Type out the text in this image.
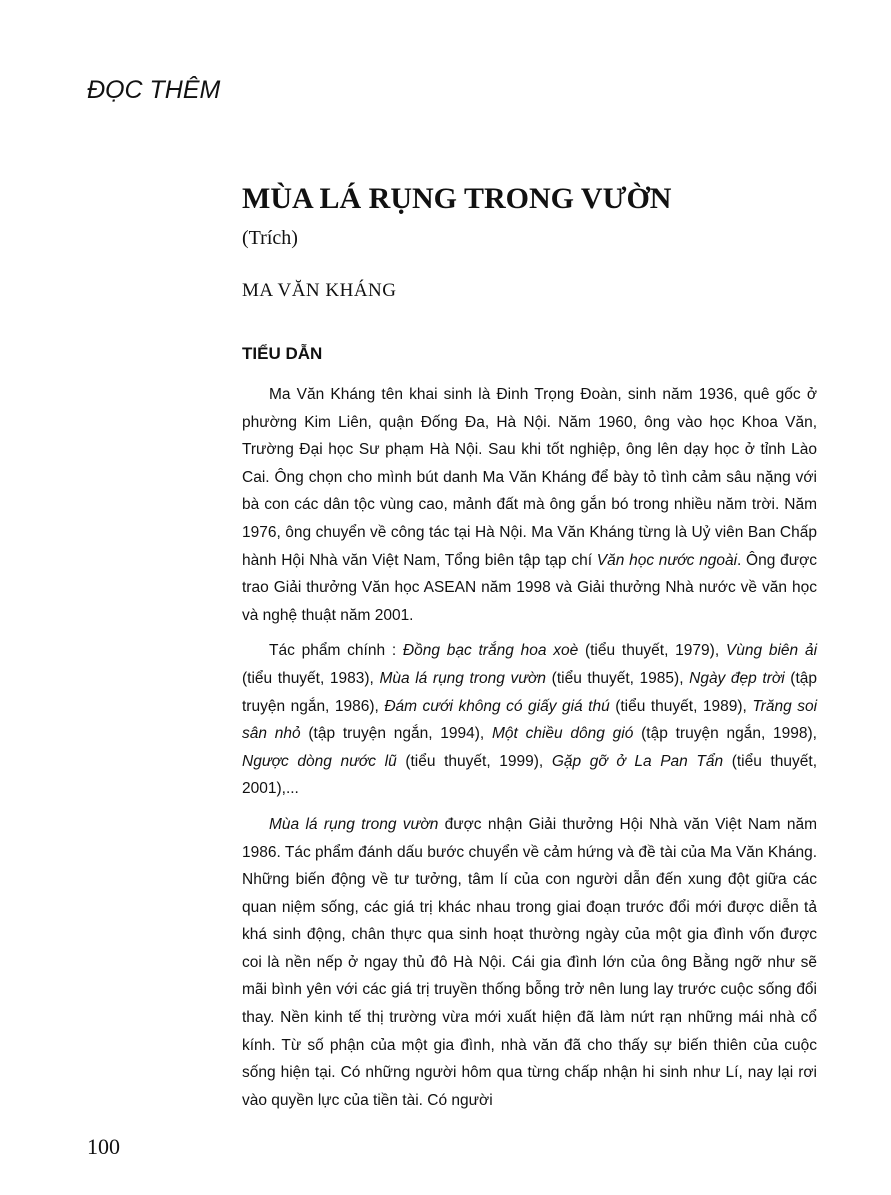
ĐỌC THÊM
MÙA LÁ RỤNG TRONG VƯỜN
(Trích)
MA VĂN KHÁNG
TIỂU DẪN

Ma Văn Kháng tên khai sinh là Đinh Trọng Đoàn, sinh năm 1936, quê gốc ở phường Kim Liên, quận Đống Đa, Hà Nội. Năm 1960, ông vào học Khoa Văn, Trường Đại học Sư phạm Hà Nội. Sau khi tốt nghiệp, ông lên dạy học ở tỉnh Lào Cai. Ông chọn cho mình bút danh Ma Văn Kháng để bày tỏ tình cảm sâu nặng với bà con các dân tộc vùng cao, mảnh đất mà ông gắn bó trong nhiều năm trời. Năm 1976, ông chuyển về công tác tại Hà Nội. Ma Văn Kháng từng là Uỷ viên Ban Chấp hành Hội Nhà văn Việt Nam, Tổng biên tập tạp chí Văn học nước ngoài. Ông được trao Giải thưởng Văn học ASEAN năm 1998 và Giải thưởng Nhà nước về văn học và nghệ thuật năm 2001.

Tác phẩm chính : Đồng bạc trắng hoa xoè (tiểu thuyết, 1979), Vùng biên ải (tiểu thuyết, 1983), Mùa lá rụng trong vườn (tiểu thuyết, 1985), Ngày đẹp trời (tập truyện ngắn, 1986), Đám cưới không có giấy giá thú (tiểu thuyết, 1989), Trăng soi sân nhỏ (tập truyện ngắn, 1994), Một chiều dông gió (tập truyện ngắn, 1998), Ngược dòng nước lũ (tiểu thuyết, 1999), Gặp gỡ ở La Pan Tẩn (tiểu thuyết, 2001),...

Mùa lá rụng trong vườn được nhận Giải thưởng Hội Nhà văn Việt Nam năm 1986. Tác phẩm đánh dấu bước chuyển về cảm hứng và đề tài của Ma Văn Kháng. Những biến động về tư tưởng, tâm lí của con người dẫn đến xung đột giữa các quan niệm sống, các giá trị khác nhau trong giai đoạn trước đổi mới được diễn tả khá sinh động, chân thực qua sinh hoạt thường ngày của một gia đình vốn được coi là nền nếp ở ngay thủ đô Hà Nội. Cái gia đình lớn của ông Bằng ngỡ như sẽ mãi bình yên với các giá trị truyền thống bỗng trở nên lung lay trước cuộc sống đổi thay. Nền kinh tế thị trường vừa mới xuất hiện đã làm nứt rạn những mái nhà cổ kính. Từ số phận của một gia đình, nhà văn đã cho thấy sự biến thiên của cuộc sống hiện tại. Có những người hôm qua từng chấp nhận hi sinh như Lí, nay lại rơi vào quyền lực của tiền tài. Có người

100
